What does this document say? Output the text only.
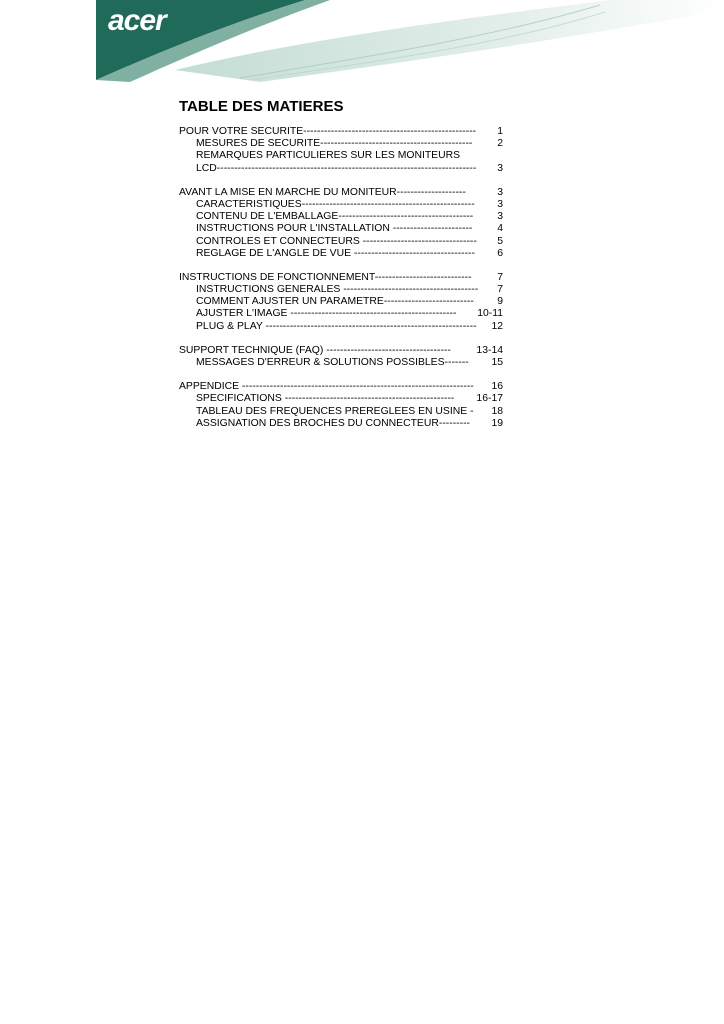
acer
TABLE DES MATIERES
POUR VOTRE SECURITE--------------------------------------------------	1
MESURES DE SECURITE--------------------------------------------	2
REMARQUES PARTICULIERES SUR LES MONITEURS
LCD---------------------------------------------------------------------------	3
AVANT LA MISE EN MARCHE DU MONITEUR--------------------	3
CARACTERISTIQUES--------------------------------------------------	3
CONTENU DE L'EMBALLAGE---------------------------------------	3
INSTRUCTIONS POUR L'INSTALLATION -----------------------	4
CONTROLES ET CONNECTEURS ---------------------------------	5
REGLAGE DE L'ANGLE DE VUE -----------------------------------	6
INSTRUCTIONS DE FONCTIONNEMENT----------------------------	7
INSTRUCTIONS GENERALES --------------------------------------- 7
COMMENT AJUSTER UN PARAMETRE--------------------------	9
AJUSTER L'IMAGE ------------------------------------------------	10-11
PLUG & PLAY -------------------------------------------------------------	12
SUPPORT TECHNIQUE (FAQ) ------------------------------------	13-14
MESSAGES D'ERREUR & SOLUTIONS POSSIBLES-------	15
APPENDICE -------------------------------------------------------------------	16
SPECIFICATIONS -------------------------------------------------	16-17
TABLEAU DES FREQUENCES PREREGLEES EN USINE -	18
ASSIGNATION DES BROCHES DU CONNECTEUR---------	19
